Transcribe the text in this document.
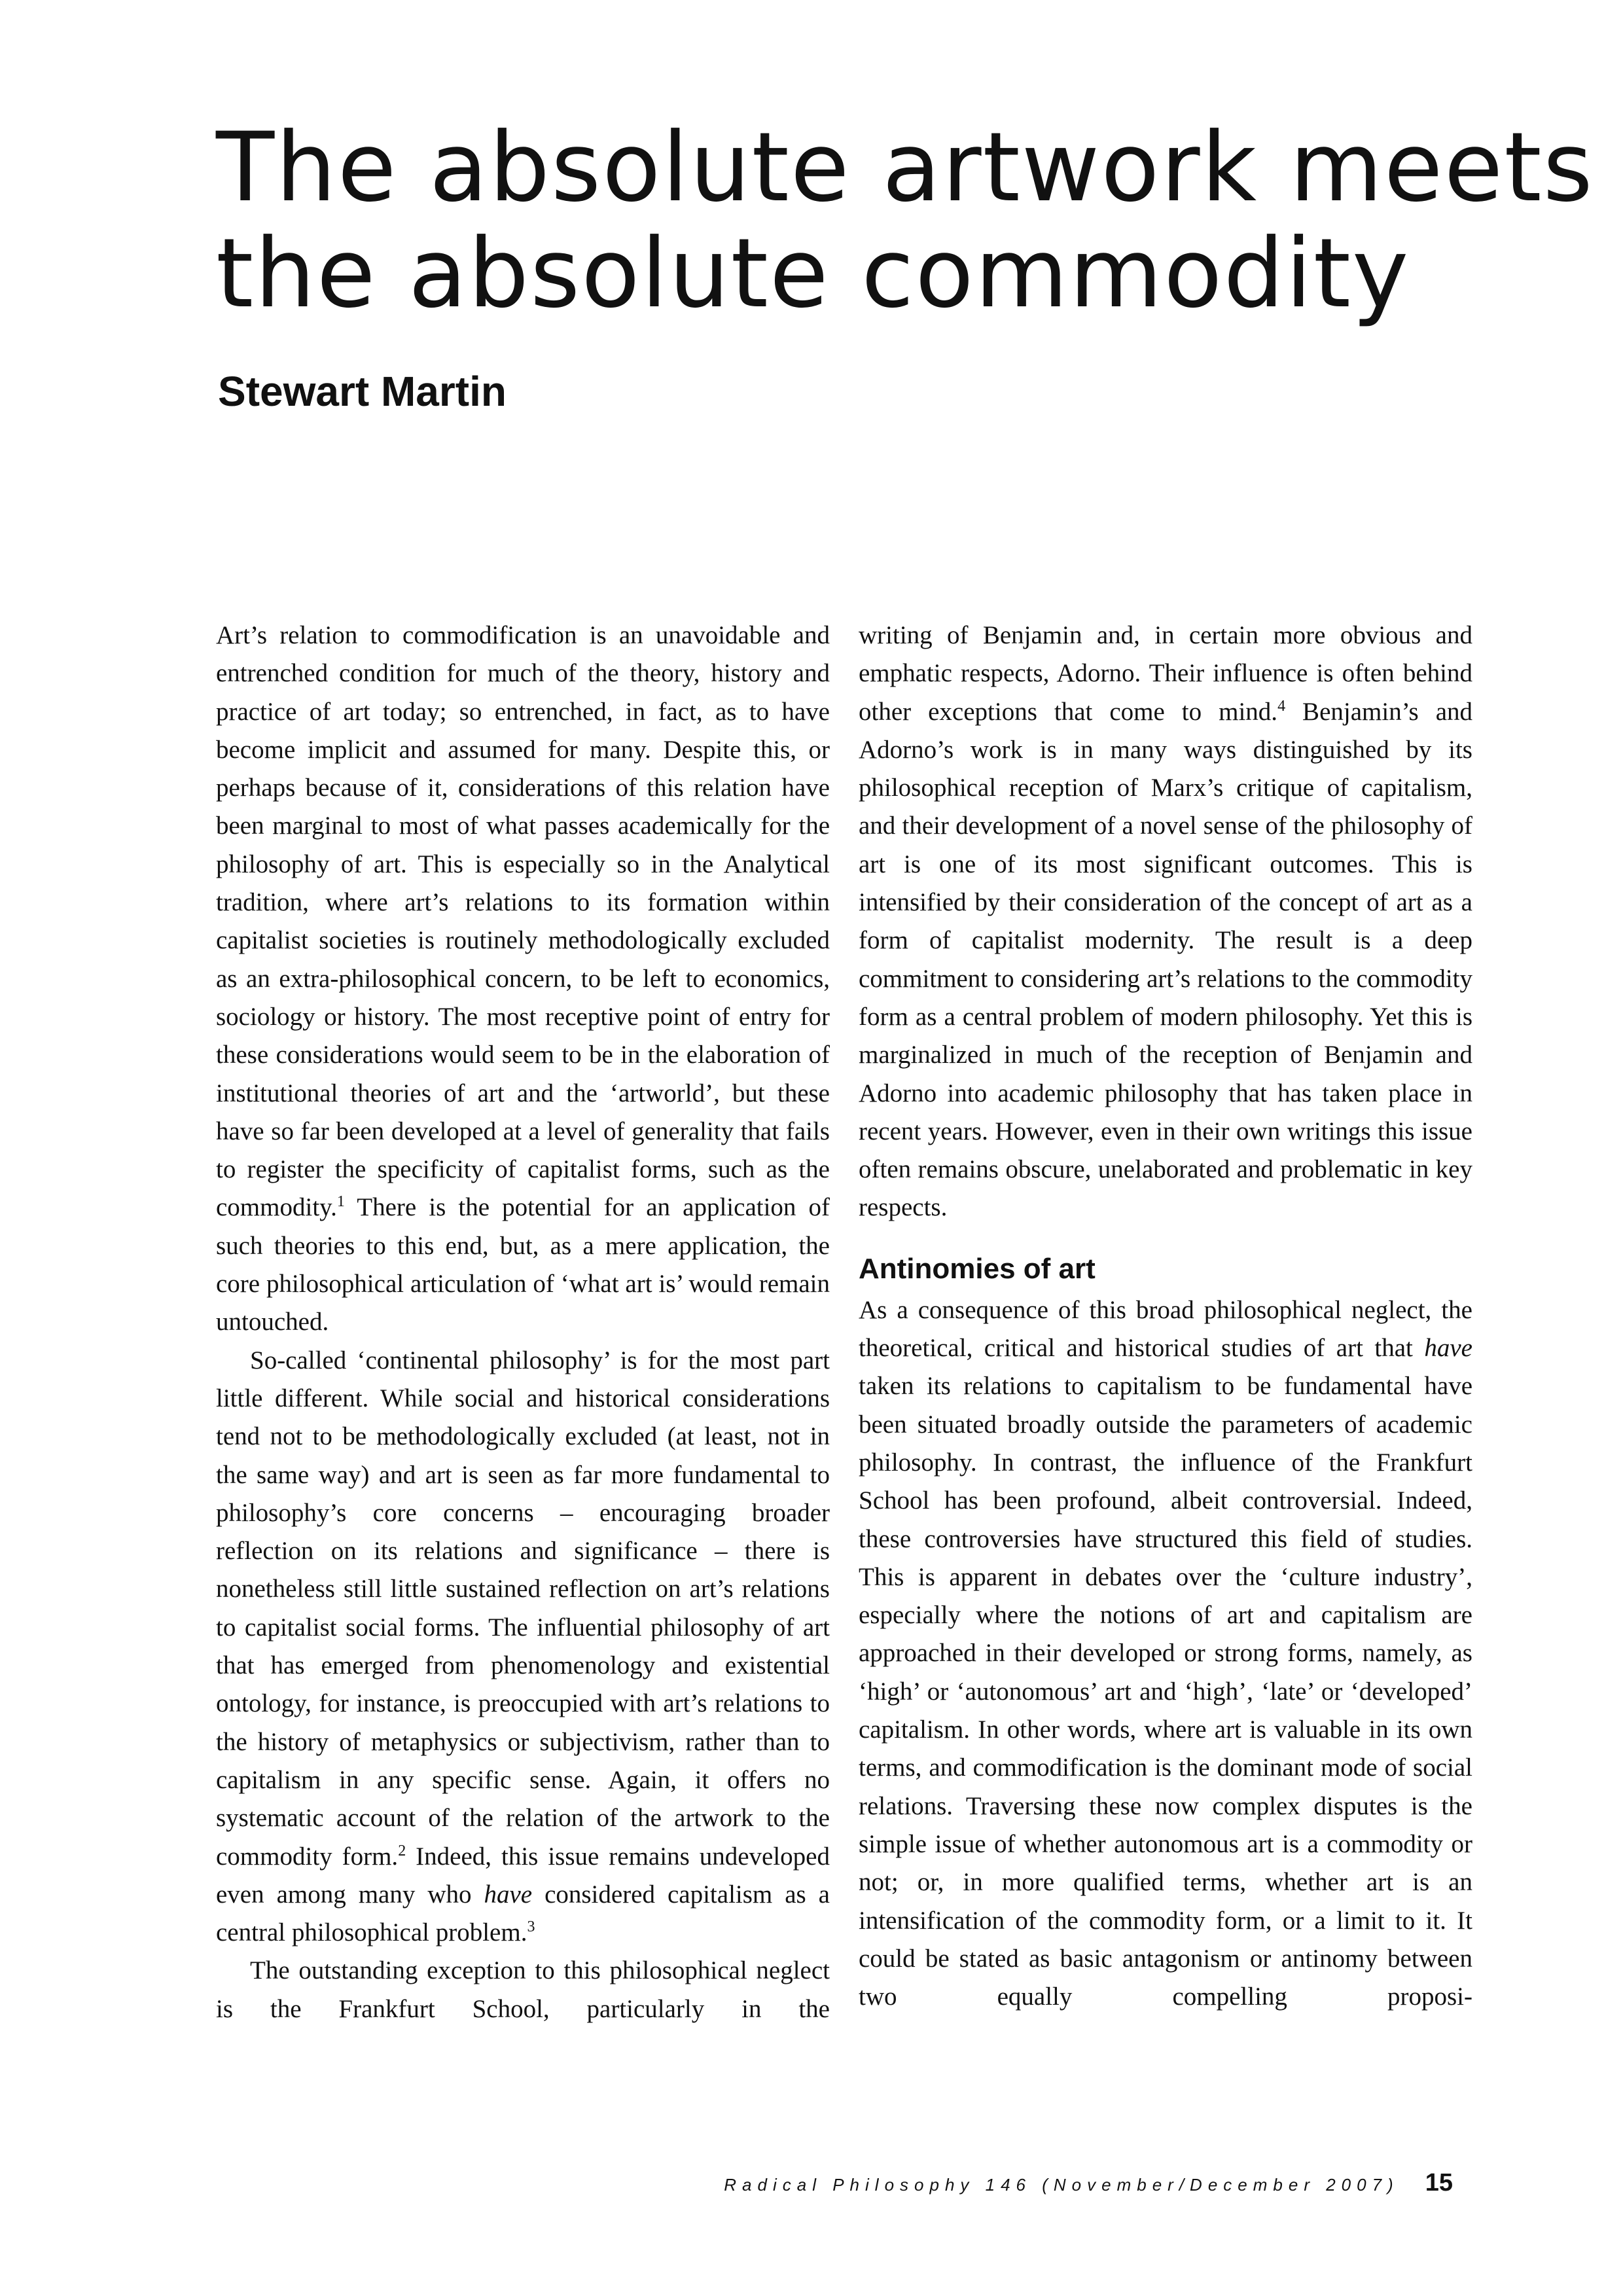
The absolute artwork meets
the absolute commodity
Stewart Martin

Art’s relation to commodification is an unavoidable and entrenched condition for much of the theory, history and practice of art today; so entrenched, in fact, as to have become implicit and assumed for many. Despite this, or perhaps because of it, considerations of this relation have been marginal to most of what passes academically for the philosophy of art. This is especially so in the Analytical tradition, where art’s relations to its formation within capitalist societies is routinely methodologically excluded as an extra-philosophical concern, to be left to economics, sociology or history. The most receptive point of entry for these considerations would seem to be in the elaboration of institutional theories of art and the ‘artworld’, but these have so far been developed at a level of generality that fails to register the specificity of capitalist forms, such as the commodity.$^1$ There is the potential for an application of such theories to this end, but, as a mere application, the core philosophical articulation of ‘what art is’ would remain untouched.

So-called ‘continental philosophy’ is for the most part little different. While social and historical considerations tend not to be methodologically excluded (at least, not in the same way) and art is seen as far more fundamental to philosophy’s core concerns – encouraging broader reflection on its relations and significance – there is nonetheless still little sustained reflection on art’s relations to capitalist social forms. The influential philosophy of art that has emerged from phenomenology and existential ontology, for instance, is preoccupied with art’s relations to the history of metaphysics or subjectivism, rather than to capitalism in any specific sense. Again, it offers no systematic account of the relation of the artwork to the commodity form.$^2$ Indeed, this issue remains undeveloped even among many who have considered capitalism as a central philosophical problem.$^3$

The outstanding exception to this philosophical neglect is the Frankfurt School, particularly in the

writing of Benjamin and, in certain more obvious and emphatic respects, Adorno. Their influence is often behind other exceptions that come to mind.$^4$ Benjamin’s and Adorno’s work is in many ways distinguished by its philosophical reception of Marx’s critique of capitalism, and their development of a novel sense of the philosophy of art is one of its most significant outcomes. This is intensified by their consideration of the concept of art as a form of capitalist modernity. The result is a deep commitment to considering art’s relations to the commodity form as a central problem of modern philosophy. Yet this is marginalized in much of the reception of Benjamin and Adorno into academic philosophy that has taken place in recent years. However, even in their own writings this issue often remains obscure, unelaborated and problematic in key respects.

Antinomies of art

As a consequence of this broad philosophical neglect, the theoretical, critical and historical studies of art that have taken its relations to capitalism to be fundamental have been situated broadly outside the parameters of academic philosophy. In contrast, the influence of the Frankfurt School has been profound, albeit controversial. Indeed, these controversies have structured this field of studies. This is apparent in debates over the ‘culture industry’, especially where the notions of art and capitalism are approached in their developed or strong forms, namely, as ‘high’ or ‘autonomous’ art and ‘high’, ‘late’ or ‘developed’ capitalism. In other words, where art is valuable in its own terms, and commodification is the dominant mode of social relations. Traversing these now complex disputes is the simple issue of whether autonomous art is a commodity or not; or, in more qualified terms, whether art is an intensification of the commodity form, or a limit to it. It could be stated as basic antagonism or antinomy between two equally compelling proposi-

Radical Philosophy 146 (November/December 2007) 15
